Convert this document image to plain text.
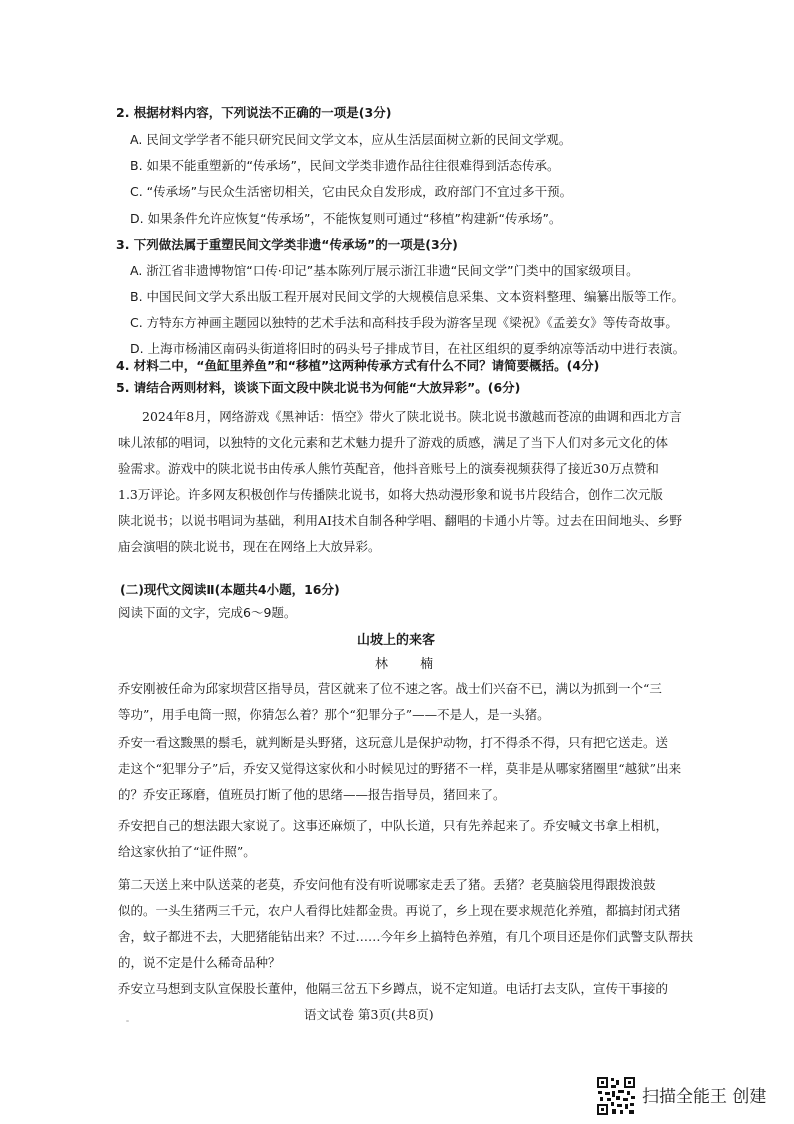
2. 根据材料内容，下列说法不正确的一项是(3分)
A. 民间文学学者不能只研究民间文学文本，应从生活层面树立新的民间文学观。
B. 如果不能重塑新的“传承场”，民间文学类非遗作品往往很难得到活态传承。
C. “传承场”与民众生活密切相关，它由民众自发形成，政府部门不宜过多干预。
D. 如果条件允许应恢复“传承场”，不能恢复则可通过“移植”构建新“传承场”。
3. 下列做法属于重塑民间文学类非遗“传承场”的一项是(3分)
A. 浙江省非遗博物馆“口传·印记”基本陈列厅展示浙江非遗“民间文学”门类中的国家级项目。
B. 中国民间文学大系出版工程开展对民间文学的大规模信息采集、文本资料整理、编纂出版等工作。
C. 方特东方神画主题园以独特的艺术手法和高科技手段为游客呈现《梁祝》《孟姜女》等传奇故事。
D. 上海市杨浦区南码头街道将旧时的码头号子排成节目，在社区组织的夏季纳凉等活动中进行表演。
4. 材料二中，“鱼缸里养鱼”和“移植”这两种传承方式有什么不同？请简要概括。(4分)
5. 请结合两则材料，谈谈下面文段中陕北说书为何能“大放异彩”。(6分)
2024年8月，网络游戏《黑神话：悟空》带火了陕北说书。陕北说书激越而苍凉的曲调和西北方言
味儿浓郁的唱词，以独特的文化元素和艺术魅力提升了游戏的质感，满足了当下人们对多元文化的体
验需求。游戏中的陕北说书由传承人熊竹英配音，他抖音账号上的演奏视频获得了接近30万点赞和
1.3万评论。许多网友积极创作与传播陕北说书，如将大热动漫形象和说书片段结合，创作二次元版
陕北说书；以说书唱词为基础，利用AI技术自制各种学唱、翻唱的卡通小片等。过去在田间地头、乡野
庙会演唱的陕北说书，现在在网络上大放异彩。
(二)现代文阅读Ⅱ(本题共4小题，16分)
阅读下面的文字，完成6～9题。
山坡上的来客
林 楠
乔安刚被任命为邱家坝营区指导员，营区就来了位不速之客。战士们兴奋不已，满以为抓到一个“三
等功”，用手电筒一照，你猜怎么着？那个“犯罪分子”——不是人，是一头猪。
乔安一看这黢黑的鬃毛，就判断是头野猪，这玩意儿是保护动物，打不得杀不得，只有把它送走。送
走这个“犯罪分子”后，乔安又觉得这家伙和小时候见过的野猪不一样，莫非是从哪家猪圈里“越狱”出来
的？乔安正琢磨，值班员打断了他的思绪——报告指导员，猪回来了。
乔安把自己的想法跟大家说了。这事还麻烦了，中队长道，只有先养起来了。乔安喊文书拿上相机，
给这家伙拍了“证件照”。
第二天送上来中队送菜的老莫，乔安问他有没有听说哪家走丢了猪。丢猪？老莫脑袋甩得跟拨浪鼓
似的。一头生猪两三千元，农户人看得比娃都金贵。再说了，乡上现在要求规范化养殖，都搞封闭式猪
舍，蚊子都进不去，大肥猪能钻出来？不过……今年乡上搞特色养殖，有几个项目还是你们武警支队帮扶
的，说不定是什么稀奇品种？
乔安立马想到支队宣保股长董仲，他隔三岔五下乡蹲点，说不定知道。电话打去支队，宣传干事接的
语文试卷 第3页(共8页)
扫描全能王 创建
